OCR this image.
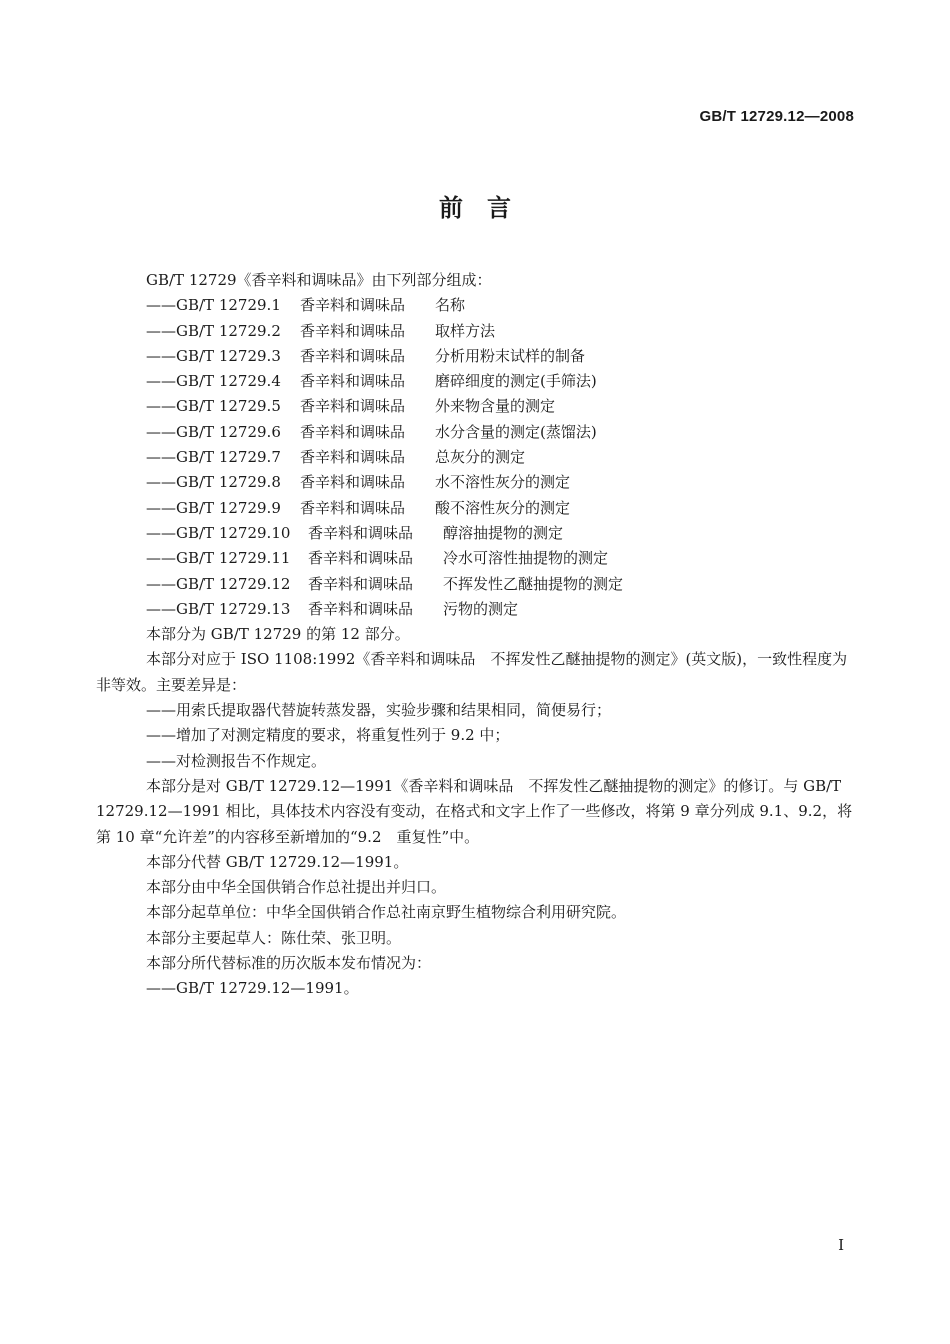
GB/T 12729.12—2008
前言

GB/T 12729《香辛料和调味品》由下列部分组成：

——GB/T 12729.1 香辛料和调味品 名称

——GB/T 12729.2 香辛料和调味品 取样方法

——GB/T 12729.3 香辛料和调味品 分析用粉末试样的制备

——GB/T 12729.4 香辛料和调味品 磨碎细度的测定(手筛法)

——GB/T 12729.5 香辛料和调味品 外来物含量的测定

——GB/T 12729.6 香辛料和调味品 水分含量的测定(蒸馏法)

——GB/T 12729.7 香辛料和调味品 总灰分的测定

——GB/T 12729.8 香辛料和调味品 水不溶性灰分的测定

——GB/T 12729.9 香辛料和调味品 酸不溶性灰分的测定

——GB/T 12729.10 香辛料和调味品 醇溶抽提物的测定

——GB/T 12729.11 香辛料和调味品 冷水可溶性抽提物的测定

——GB/T 12729.12 香辛料和调味品 不挥发性乙醚抽提物的测定

——GB/T 12729.13 香辛料和调味品 污物的测定

本部分为 GB/T 12729 的第 12 部分。

本部分对应于 ISO 1108:1992《香辛料和调味品　不挥发性乙醚抽提物的测定》(英文版)，一致性程度为非等效。主要差异是：

——用索氏提取器代替旋转蒸发器，实验步骤和结果相同，简便易行；

——增加了对测定精度的要求，将重复性列于 9.2 中；

——对检测报告不作规定。

本部分是对 GB/T 12729.12—1991《香辛料和调味品　不挥发性乙醚抽提物的测定》的修订。与 GB/T 12729.12—1991 相比，具体技术内容没有变动，在格式和文字上作了一些修改，将第 9 章分列成 9.1、9.2，将第 10 章“允许差”的内容移至新增加的“9.2　重复性”中。

本部分代替 GB/T 12729.12—1991。

本部分由中华全国供销合作总社提出并归口。

本部分起草单位：中华全国供销合作总社南京野生植物综合利用研究院。

本部分主要起草人：陈仕荣、张卫明。

本部分所代替标准的历次版本发布情况为：

——GB/T 12729.12—1991。

I
